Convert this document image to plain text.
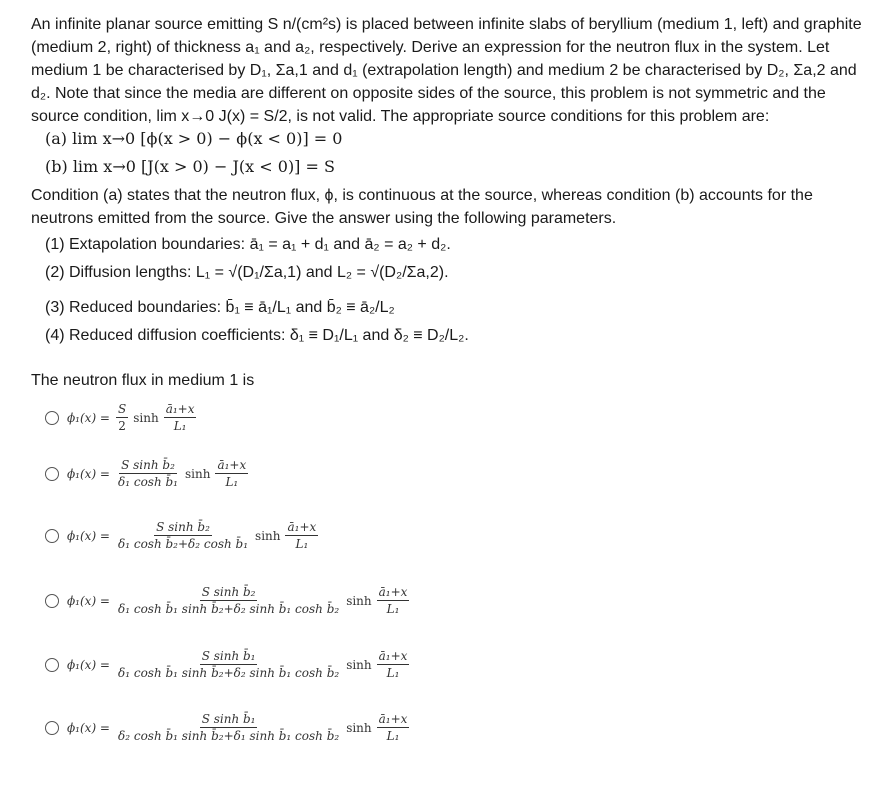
An infinite planar source emitting S n/(cm²s) is placed between infinite slabs of beryllium (medium 1, left) and graphite
(medium 2, right) of thickness a₁ and a₂, respectively. Derive an expression for the neutron flux in the system. Let
medium 1 be characterised by D₁, Σa,1 and d₁ (extrapolation length) and medium 2 be characterised by D₂, Σa,2 and
d₂. Note that since the media are different on opposite sides of the source, this problem is not symmetric and the
source condition, lim x→0 J(x) = S/2, is not valid. The appropriate source conditions for this problem are:

(a) lim x→0 [ϕ(x > 0) − ϕ(x < 0)] = 0
(b) lim x→0 [J(x > 0) − J(x < 0)] = S

Condition (a) states that the neutron flux, ϕ, is continuous at the source, whereas condition (b) accounts for the
neutrons emitted from the source. Give the answer using the following parameters.

(1) Extapolation boundaries: ā₁ = a₁ + d₁ and ā₂ = a₂ + d₂.
(2) Diffusion lengths: L₁ = √(D₁/Σa,1) and L₂ = √(D₂/Σa,2).
(3) Reduced boundaries: b̄₁ ≡ ā₁/L₁ and b̄₂ ≡ ā₂/L₂
(4) Reduced diffusion coefficients: δ₁ ≡ D₁/L₁ and δ₂ ≡ D₂/L₂.
The neutron flux in medium 1 is
$\phi_1(x) = \frac{S}{2}$ $\sinh \frac{\text{ā₁+x}}{\text{L₁}}$
$\phi_1(x) = \frac{\text{S sinh b̄₂}}{\text{δ₁ cosh b̄₁}}$ $\sinh \frac{\text{ā₁+x}}{\text{L₁}}$
$\phi_1(x) = \frac{\text{S sinh b̄₂}}{\text{δ₁ cosh b̄₂+δ₂ cosh b̄₁}}$ $\sinh \frac{\text{ā₁+x}}{\text{L₁}}$
$\phi_1(x) = \frac{\text{S sinh b̄₂}}{\text{δ₁ cosh b̄₁ sinh b̄₂+δ₂ sinh b̄₁ cosh b̄₂}}$ $\sinh \frac{\text{ā₁+x}}{\text{L₁}}$
$\phi_1(x) = \frac{\text{S sinh b̄₁}}{\text{δ₁ cosh b̄₁ sinh b̄₂+δ₂ sinh b̄₁ cosh b̄₂}}$ $\sinh \frac{\text{ā₁+x}}{\text{L₁}}$
$\phi_1(x) = \frac{\text{S sinh b̄₁}}{\text{δ₂ cosh b̄₁ sinh b̄₂+δ₁ sinh b̄₁ cosh b̄₂}}$ $\sinh \frac{\text{ā₁+x}}{\text{L₁}}$
